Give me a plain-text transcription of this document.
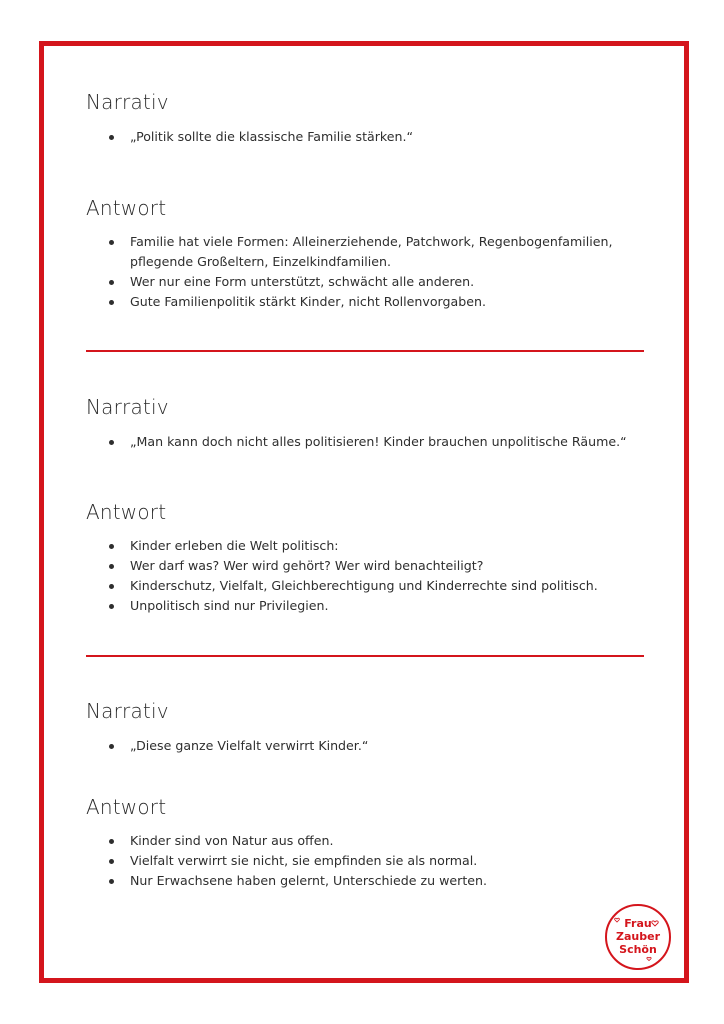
Narrativ
„Politik sollte die klassische Familie stärken.“
Antwort
Familie hat viele Formen: Alleinerziehende, Patchwork, Regenbogenfamilien, pflegende Großeltern, Einzelkindfamilien.
Wer nur eine Form unterstützt, schwächt alle anderen.
Gute Familienpolitik stärkt Kinder, nicht Rollenvorgaben.
Narrativ
„Man kann doch nicht alles politisieren! Kinder brauchen unpolitische Räume.“
Antwort
Kinder erleben die Welt politisch:
Wer darf was? Wer wird gehört? Wer wird benachteiligt?
Kinderschutz, Vielfalt, Gleichberechtigung und Kinderrechte sind politisch.
Unpolitisch sind nur Privilegien.
Narrativ
„Diese ganze Vielfalt verwirrt Kinder.“
Antwort
Kinder sind von Natur aus offen.
Vielfalt verwirrt sie nicht, sie empfinden sie als normal.
Nur Erwachsene haben gelernt, Unterschiede zu werten.
Frau
Zauber
Schön
